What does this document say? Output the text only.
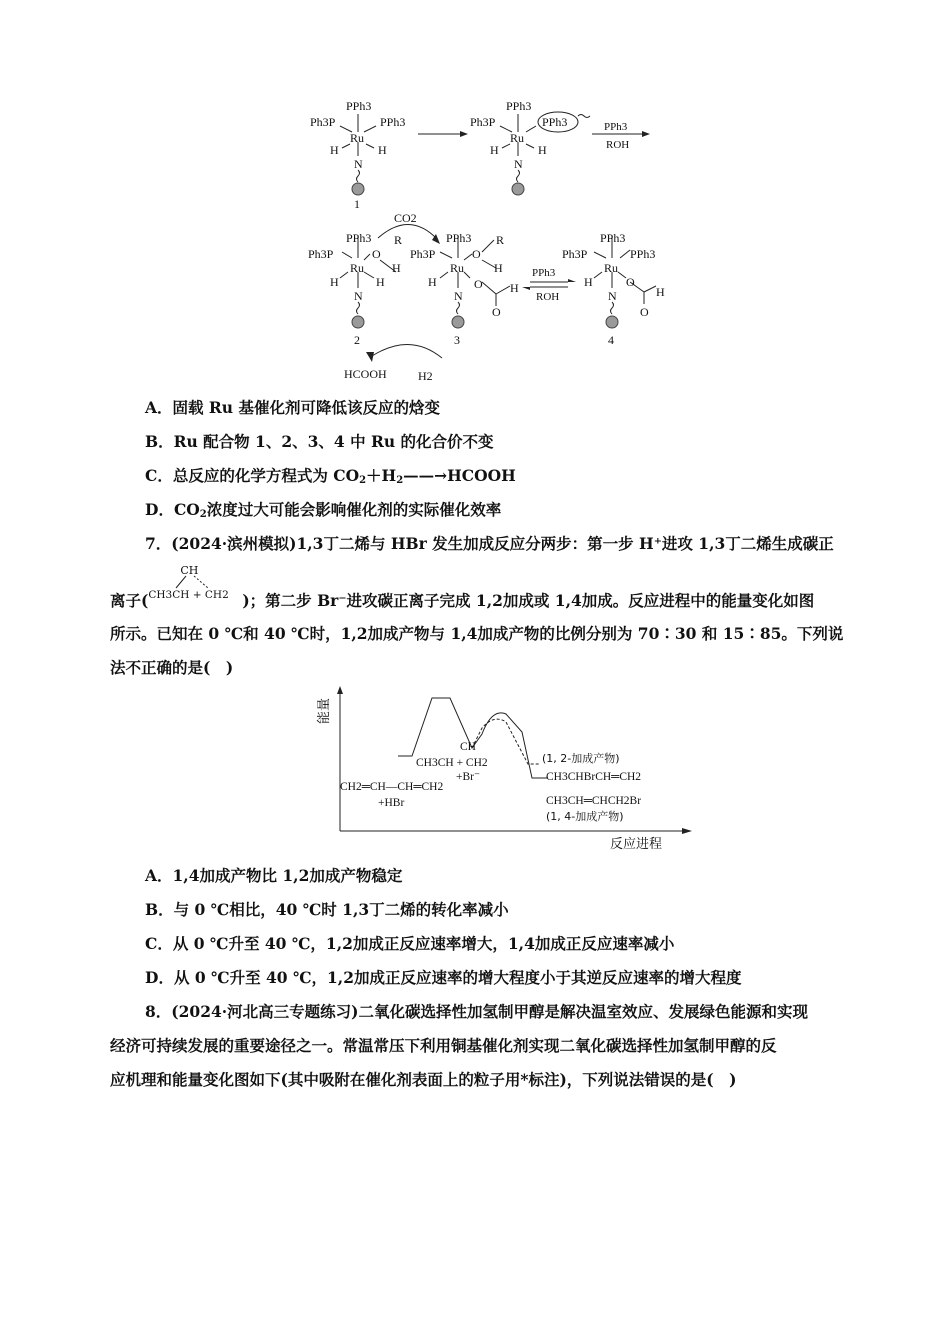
PPh3
Ph3P	PPh3
Ru
H	H
N
1
PPh3
Ph3P	PPh3
Ru
H	H
N
PPh3
ROH
CO2
PPh3
Ph3P	O
R
Ru H
H	H
N
2
PPh3
Ph3P	O
R
Ru H
H	O H
O
N
3
PPh3
ROH
PPh3
Ph3P	PPh3
Ru
H	O
H
O
N
4
HCOOH	H2
A．固载 Ru 基催化剂可降低该反应的焓变
B．Ru 配合物 1、2、3、4 中 Ru 的化合价不变
C．总反应的化学方程式为 $CO_2+H_2——\to HCOOH$
D．$CO_2$浓度过大可能会影响催化剂的实际催化效率
7．(2024·滨州模拟)1,3丁二烯与 HBr 发生加成反应分两步：第一步 H⁺进攻 1,3丁二烯生成碳正
离子(
CH
CH3CH + CH2 )；第二步 Br⁻进攻碳正离子完成 1,2加成或 1,4加成。反应进程中的能量变化如图
所示。已知在 0 ℃和 40 ℃时，1,2加成产物与 1,4加成产物的比例分别为 70∶30 和 15∶85。下列说
法不正确的是(　)
能量
反应进程
CH2═CH—CH═CH2
+HBr
CH
CH3CH + CH2
+Br⁻
(1, 2-加成产物)
CH3CHBrCH═CH2
CH3CH═CHCH2Br
(1, 4-加成产物)
A．1,4加成产物比 1,2加成产物稳定
B．与 0 ℃相比，40 ℃时 1,3丁二烯的转化率减小
C．从 0 ℃升至 40 ℃，1,2加成正反应速率增大，1,4加成正反应速率减小
D．从 0 ℃升至 40 ℃，1,2加成正反应速率的增大程度小于其逆反应速率的增大程度
8．(2024·河北高三专题练习)二氧化碳选择性加氢制甲醇是解决温室效应、发展绿色能源和实现
经济可持续发展的重要途径之一。常温常压下利用铜基催化剂实现二氧化碳选择性加氢制甲醇的反
应机理和能量变化图如下(其中吸附在催化剂表面上的粒子用*标注)，下列说法错误的是(　)
